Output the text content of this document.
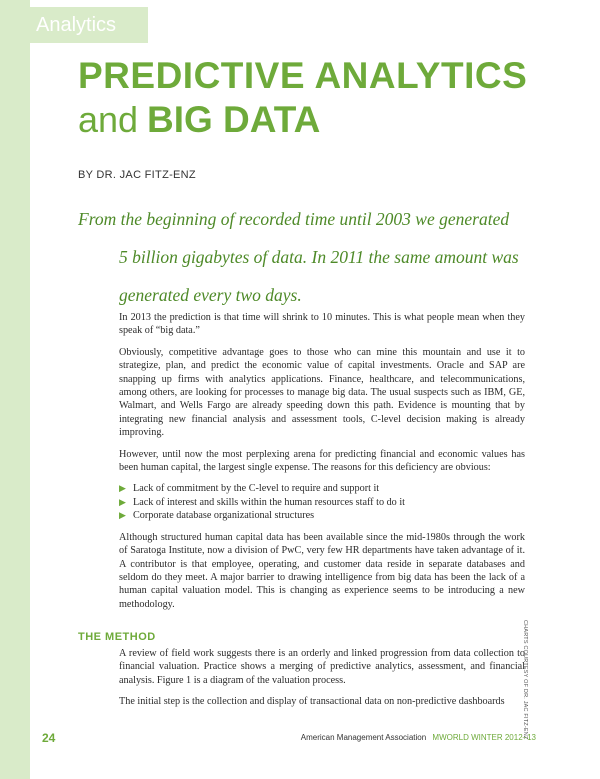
Analytics
PREDICTIVE ANALYTICS
and BIG DATA
BY DR. JAC FITZ-ENZ

From the beginning of recorded time until 2003 we generated
5 billion gigabytes of data. In 2011 the same amount was
generated every two days.

In 2013 the prediction is that time will shrink to 10 minutes. This is what people mean when they speak of “big data.”

Obviously, competitive advantage goes to those who can mine this mountain and use it to strategize, plan, and predict the economic value of capital investments. Oracle and SAP are snapping up firms with analytics applications. Finance, healthcare, and telecommunications, among others, are looking for processes to manage big data. The usual suspects such as IBM, GE, Walmart, and Wells Fargo are already speeding down this path. Evidence is mounting that by integrating new financial analysis and assessment tools, C-level decision making is already improving.

However, until now the most perplexing arena for predicting financial and economic values has been human capital, the largest single expense. The reasons for this deficiency are obvious:

▶ Lack of commitment by the C-level to require and support it
▶ Lack of interest and skills within the human resources staff to do it
▶ Corporate database organizational structures

Although structured human capital data has been available since the mid-1980s through the work of Saratoga Institute, now a division of PwC, very few HR departments have taken advantage of it. A contributor is that employee, operating, and customer data reside in separate databases and seldom do they meet. A major barrier to drawing intelligence from big data has been the lack of a human capital valuation model. This is changing as experience seems to be introducing a new methodology.

THE METHOD

A review of field work suggests there is an orderly and linked progression from data collection to financial valuation. Practice shows a merging of predictive analytics, assessment, and financial analysis. Figure 1 is a diagram of the valuation process.

The initial step is the collection and display of transactional data on non-predictive dashboards	CHARTS COURTESY OF DR. JAC FITZ-ENZ
24	American Management Association MWORLD WINTER 2012–13
